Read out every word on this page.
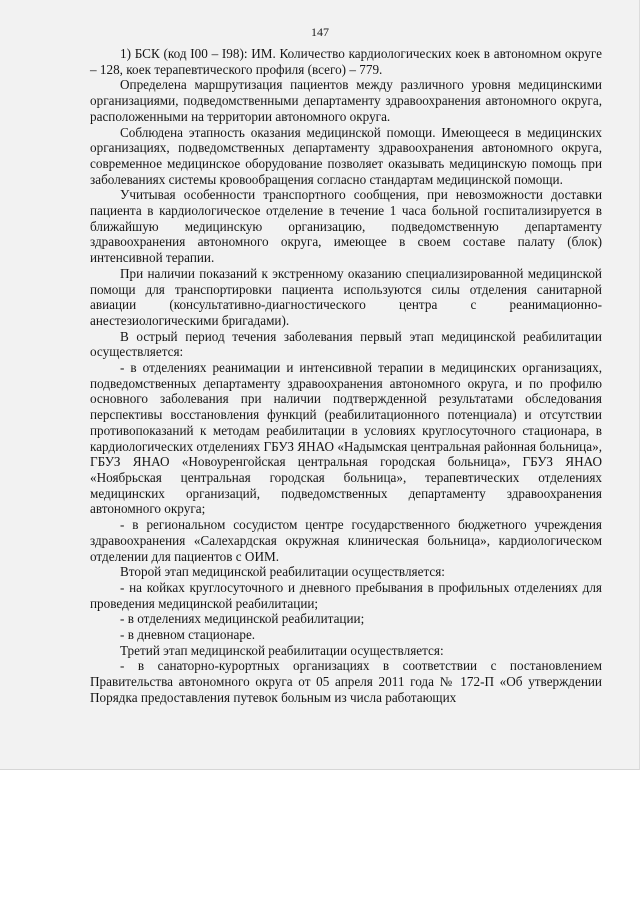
147

1) БСК (код I00 – I98): ИМ. Количество кардиологических коек в автономном округе – 128, коек терапевтического профиля (всего) – 779.

Определена маршрутизация пациентов между различного уровня медицинскими организациями, подведомственными департаменту здравоохранения автономного округа, расположенными на территории автономного округа.

Соблюдена этапность оказания медицинской помощи. Имеющееся в медицинских организациях, подведомственных департаменту здравоохранения автономного округа, современное медицинское оборудование позволяет оказывать медицинскую помощь при заболеваниях системы кровообращения согласно стандартам медицинской помощи.

Учитывая особенности транспортного сообщения, при невозможности доставки пациента в кардиологическое отделение в течение 1 часа больной госпитализируется в ближайшую медицинскую организацию, подведомственную департаменту здравоохранения автономного округа, имеющее в своем составе палату (блок) интенсивной терапии.

При наличии показаний к экстренному оказанию специализированной медицинской помощи для транспортировки пациента используются силы отделения санитарной авиации (консультативно-диагностического центра с реанимационно-анестезиологическими бригадами).

В острый период течения заболевания первый этап медицинской реабилитации осуществляется:

- в отделениях реанимации и интенсивной терапии в медицинских организациях, подведомственных департаменту здравоохранения автономного округа, и по профилю основного заболевания при наличии подтвержденной результатами обследования перспективы восстановления функций (реабилитационного потенциала) и отсутствии противопоказаний к методам реабилитации в условиях круглосуточного стационара, в кардиологических отделениях ГБУЗ ЯНАО «Надымская центральная районная больница», ГБУЗ ЯНАО «Новоуренгойская центральная городская больница», ГБУЗ ЯНАО «Ноябрьская центральная городская больница», терапевтических отделениях медицинских организаций, подведомственных департаменту здравоохранения автономного округа;

- в региональном сосудистом центре государственного бюджетного учреждения здравоохранения «Салехардская окружная клиническая больница», кардиологическом отделении для пациентов с ОИМ.

Второй этап медицинской реабилитации осуществляется:

- на койках круглосуточного и дневного пребывания в профильных отделениях для проведения медицинской реабилитации;

- в отделениях медицинской реабилитации;

- в дневном стационаре.

Третий этап медицинской реабилитации осуществляется:

- в санаторно-курортных организациях в соответствии с постановлением Правительства автономного округа от 05 апреля 2011 года № 172-П «Об утверждении Порядка предоставления путевок больным из числа работающих
